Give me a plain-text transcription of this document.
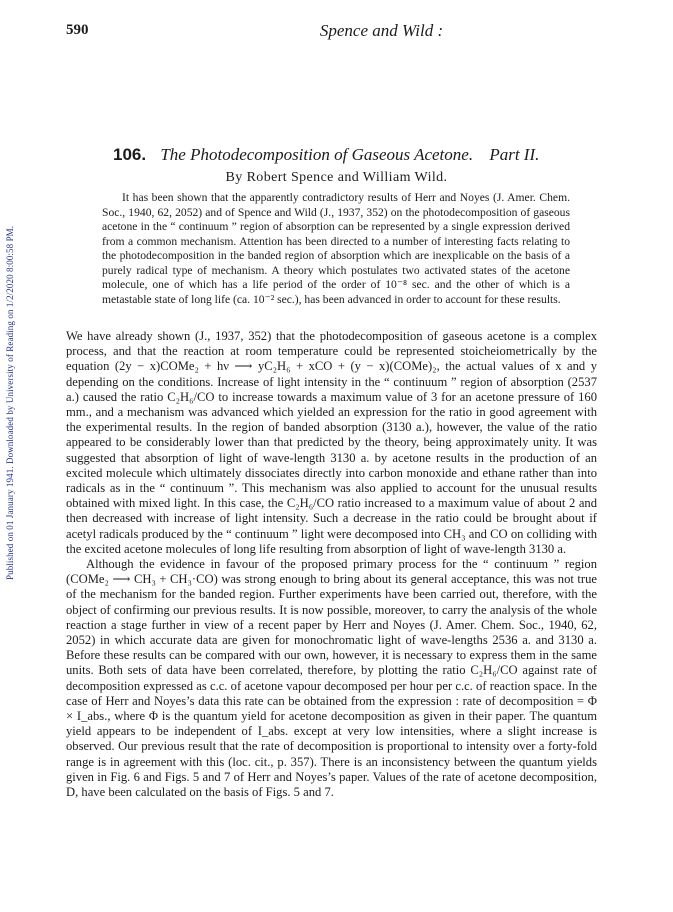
590	Spence and Wild :
Published on 01 January 1941. Downloaded by University of Reading on 1/2/2020 8:00:58 PM.
106. The Photodecomposition of Gaseous Acetone. Part II.
By Robert Spence and William Wild.

It has been shown that the apparently contradictory results of Herr and Noyes (J. Amer. Chem. Soc., 1940, 62, 2052) and of Spence and Wild (J., 1937, 352) on the photodecomposition of gaseous acetone in the “ continuum ” region of absorption can be represented by a single expression derived from a common mechanism. Attention has been directed to a number of interesting facts relating to the photodecomposition in the banded region of absorption which are inexplicable on the basis of a purely radical type of mechanism. A theory which postulates two activated states of the acetone molecule, one of which has a life period of the order of 10⁻⁸ sec. and the other of which is a metastable state of long life (ca. 10⁻² sec.), has been advanced in order to account for these results.

We have already shown (J., 1937, 352) that the photodecomposition of gaseous acetone is a complex process, and that the reaction at room temperature could be represented stoicheiometrically by the equation (2y − x)COMe₂ + hν ⟶ yC₂H₆ + xCO + (y − x)(COMe)₂, the actual values of x and y depending on the conditions. Increase of light intensity in the “ continuum ” region of absorption (2537 a.) caused the ratio C₂H₆/CO to increase towards a maximum value of 3 for an acetone pressure of 160 mm., and a mechanism was advanced which yielded an expression for the ratio in good agreement with the experimental results. In the region of banded absorption (3130 a.), however, the value of the ratio appeared to be considerably lower than that predicted by the theory, being approximately unity. It was suggested that absorption of light of wave-length 3130 a. by acetone results in the production of an excited molecule which ultimately dissociates directly into carbon monoxide and ethane rather than into radicals as in the “ continuum ”. This mechanism was also applied to account for the unusual results obtained with mixed light. In this case, the C₂H₆/CO ratio increased to a maximum value of about 2 and then decreased with increase of light intensity. Such a decrease in the ratio could be brought about if acetyl radicals produced by the “ continuum ” light were decomposed into CH₃ and CO on colliding with the excited acetone molecules of long life resulting from absorption of light of wave-length 3130 a.

Although the evidence in favour of the proposed primary process for the “ continuum ” region (COMe₂ ⟶ CH₃ + CH₃·CO) was strong enough to bring about its general acceptance, this was not true of the mechanism for the banded region. Further experiments have been carried out, therefore, with the object of confirming our previous results. It is now possible, moreover, to carry the analysis of the whole reaction a stage further in view of a recent paper by Herr and Noyes (J. Amer. Chem. Soc., 1940, 62, 2052) in which accurate data are given for monochromatic light of wave-lengths 2536 a. and 3130 a. Before these results can be compared with our own, however, it is necessary to express them in the same units. Both sets of data have been correlated, therefore, by plotting the ratio C₂H₆/CO against rate of decomposition expressed as c.c. of acetone vapour decomposed per hour per c.c. of reaction space. In the case of Herr and Noyes’s data this rate can be obtained from the expression : rate of decomposition = Φ × I_abs., where Φ is the quantum yield for acetone decomposition as given in their paper. The quantum yield appears to be independent of I_abs. except at very low intensities, where a slight increase is observed. Our previous result that the rate of decomposition is proportional to intensity over a forty-fold range is in agreement with this (loc. cit., p. 357). There is an inconsistency between the quantum yields given in Fig. 6 and Figs. 5 and 7 of Herr and Noyes’s paper. Values of the rate of acetone decomposition, D, have been calculated on the basis of Figs. 5 and 7.
